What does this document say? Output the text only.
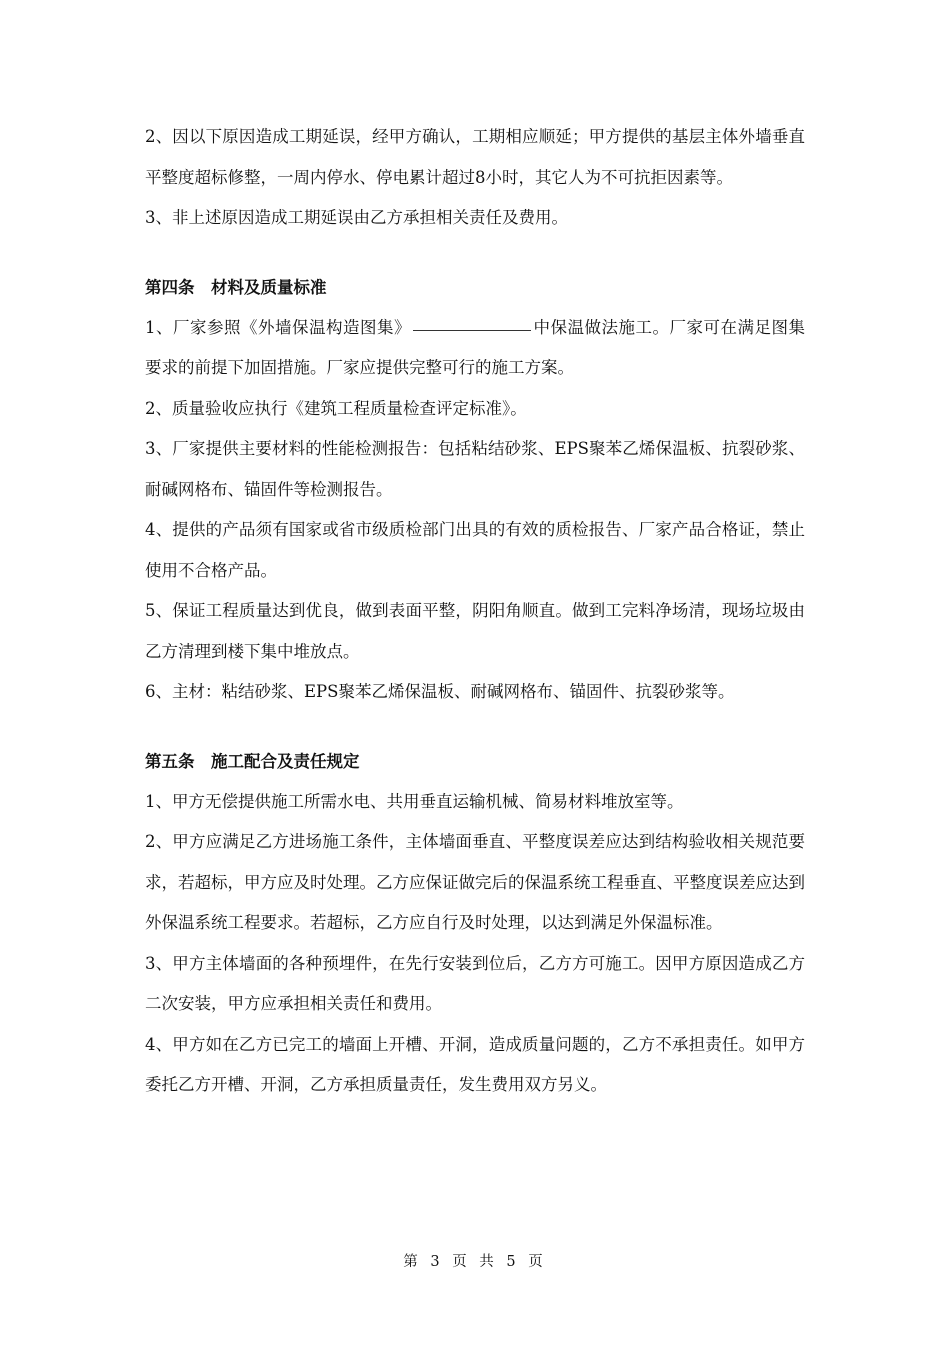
2、因以下原因造成工期延误，经甲方确认，工期相应顺延；甲方提供的基层主体外墙垂直平整度超标修整，一周内停水、停电累计超过8小时，其它人为不可抗拒因素等。

3、非上述原因造成工期延误由乙方承担相关责任及费用。

第四条　材料及质量标准

1、厂家参照《外墙保温构造图集》	中保温做法施工。厂家可在满足图集要求的前提下加固措施。厂家应提供完整可行的施工方案。

2、质量验收应执行《建筑工程质量检查评定标准》。

3、厂家提供主要材料的性能检测报告：包括粘结砂浆、EPS聚苯乙烯保温板、抗裂砂浆、耐碱网格布、锚固件等检测报告。

4、提供的产品须有国家或省市级质检部门出具的有效的质检报告、厂家产品合格证，禁止使用不合格产品。

5、保证工程质量达到优良，做到表面平整，阴阳角顺直。做到工完料净场清，现场垃圾由乙方清理到楼下集中堆放点。

6、主材：粘结砂浆、EPS聚苯乙烯保温板、耐碱网格布、锚固件、抗裂砂浆等。

第五条　施工配合及责任规定

1、甲方无偿提供施工所需水电、共用垂直运输机械、简易材料堆放室等。

2、甲方应满足乙方进场施工条件，主体墙面垂直、平整度误差应达到结构验收相关规范要求，若超标，甲方应及时处理。乙方应保证做完后的保温系统工程垂直、平整度误差应达到外保温系统工程要求。若超标，乙方应自行及时处理，以达到满足外保温标准。

3、甲方主体墙面的各种预埋件，在先行安装到位后，乙方方可施工。因甲方原因造成乙方二次安装，甲方应承担相关责任和费用。

4、甲方如在乙方已完工的墙面上开槽、开洞，造成质量问题的，乙方不承担责任。如甲方委托乙方开槽、开洞，乙方承担质量责任，发生费用双方另义。

第 3 页 共 5 页
